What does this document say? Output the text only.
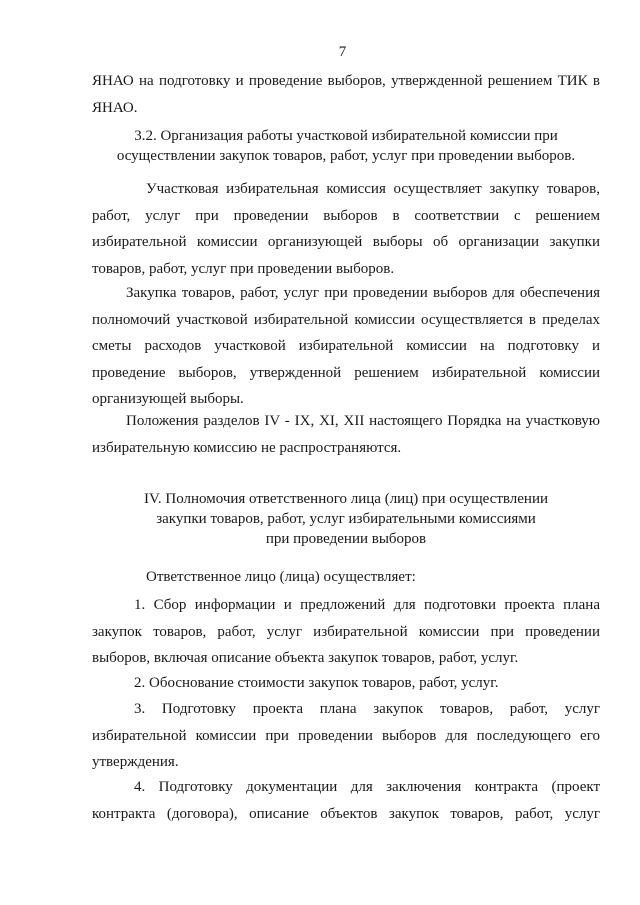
7
ЯНАО на подготовку и проведение выборов, утвержденной решением ТИК в
ЯНАО.
3.2. Организация работы участковой избирательной комиссии при
осуществлении закупок товаров, работ, услуг при проведении выборов.
Участковая избирательная комиссия осуществляет закупку товаров,
работ, услуг при проведении выборов в соответствии с решением
избирательной комиссии организующей выборы об организации закупки
товаров, работ, услуг при проведении выборов.
Закупка товаров, работ, услуг при проведении выборов для обеспечения
полномочий участковой избирательной комиссии осуществляется в пределах
сметы расходов участковой избирательной комиссии на подготовку и
проведение выборов, утвержденной решением избирательной комиссии
организующей выборы.
Положения разделов IV - IX, XI, XII настоящего Порядка на участковую
избирательную комиссию не распространяются.
IV. Полномочия ответственного лица (лиц) при осуществлении
закупки товаров, работ, услуг избирательными комиссиями
при проведении выборов
Ответственное лицо (лица) осуществляет:
1. Сбор информации и предложений для подготовки проекта плана
закупок товаров, работ, услуг избирательной комиссии при проведении
выборов, включая описание объекта закупок товаров, работ, услуг.
2. Обоснование стоимости закупок товаров, работ, услуг.
3. Подготовку проекта плана закупок товаров, работ, услуг
избирательной комиссии при проведении выборов для последующего его
утверждения.
4. Подготовку документации для заключения контракта (проект
контракта (договора), описание объектов закупок товаров, работ, услуг
